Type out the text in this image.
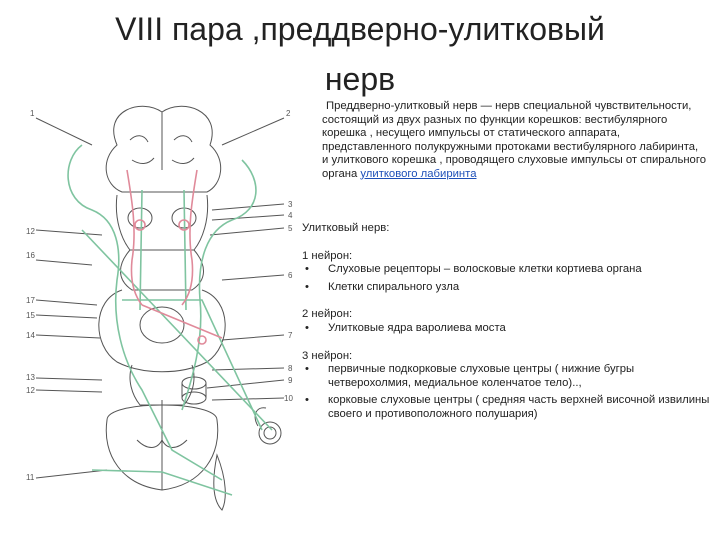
VIII пара ,преддверно-улитковый
нерв
1
12
16
17
15
14
13
12
11
2
3
4
5
6
7
8
9
10
Преддверно-улитковый нерв — нерв специальной чувствительности, состоящий из двух разных по функции корешков: вестибулярного корешка , несущего импульсы от статического аппарата, представленного полукружными протоками вестибулярного лабиринта, и улиткового корешка , проводящего слуховые импульсы от спирального органа улиткового лабиринта

Улитковый нерв:

1 нейрон:

• Слуховые рецепторы – волосковые клетки кортиева органа
• Клетки спирального узла

2 нейрон:

• Улитковые ядра варолиева моста

3 нейрон:

• первичные подкорковые слуховые центры ( нижние бугры четверохолмия, медиальное коленчатое тело)..,
• корковые слуховые центры ( средняя часть верхней височной извилины своего и противоположного полушария)
